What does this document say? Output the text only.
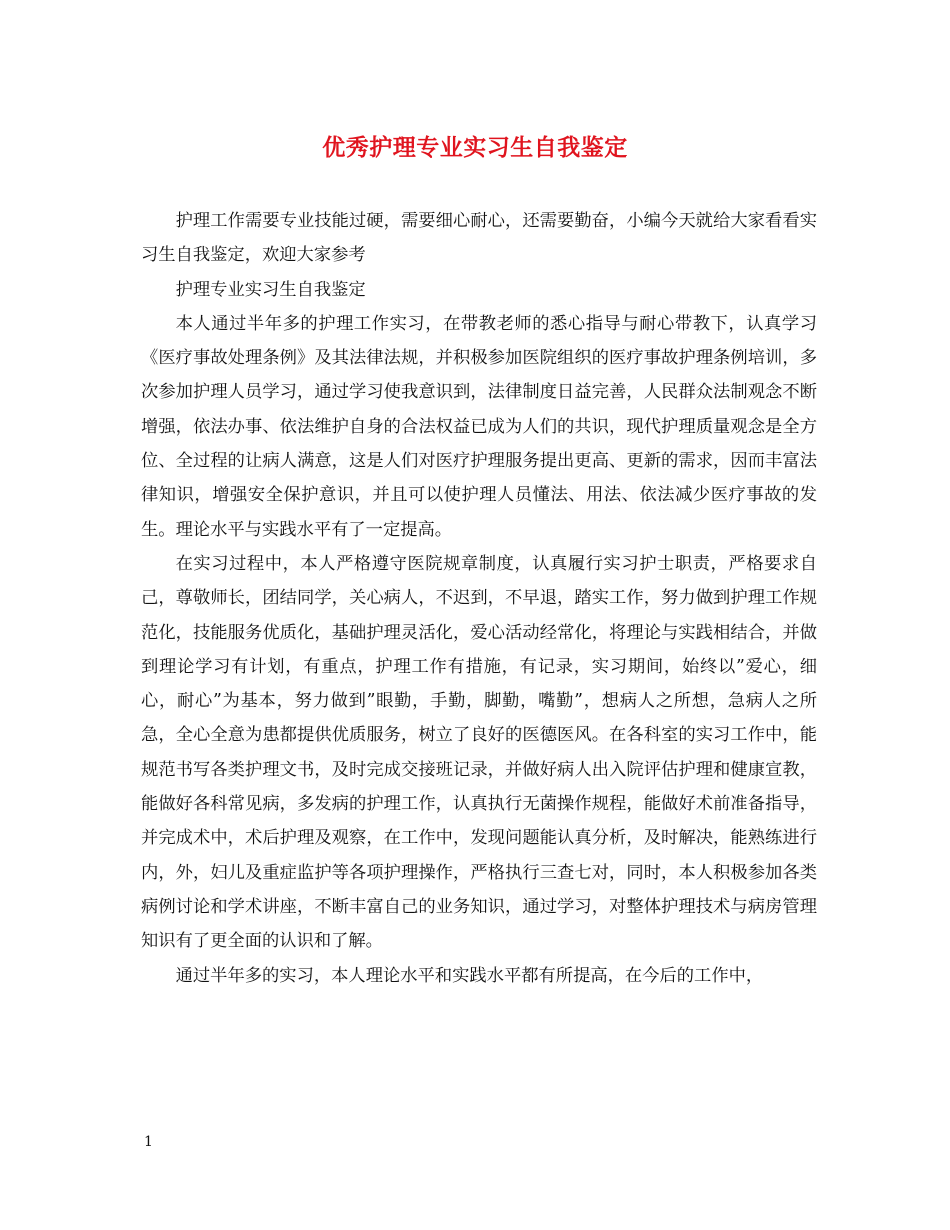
优秀护理专业实习生自我鉴定

护理工作需要专业技能过硬，需要细心耐心，还需要勤奋，小编今天就给大家看看实习生自我鉴定，欢迎大家参考

护理专业实习生自我鉴定

本人通过半年多的护理工作实习，在带教老师的悉心指导与耐心带教下，认真学习《医疗事故处理条例》及其法律法规，并积极参加医院组织的医疗事故护理条例培训，多次参加护理人员学习，通过学习使我意识到，法律制度日益完善，人民群众法制观念不断增强，依法办事、依法维护自身的合法权益已成为人们的共识，现代护理质量观念是全方位、全过程的让病人满意，这是人们对医疗护理服务提出更高、更新的需求，因而丰富法律知识，增强安全保护意识，并且可以使护理人员懂法、用法、依法减少医疗事故的发生。理论水平与实践水平有了一定提高。

在实习过程中，本人严格遵守医院规章制度，认真履行实习护士职责，严格要求自己，尊敬师长，团结同学，关心病人，不迟到，不早退，踏实工作，努力做到护理工作规范化，技能服务优质化，基础护理灵活化，爱心活动经常化，将理论与实践相结合，并做到理论学习有计划，有重点，护理工作有措施，有记录，实习期间，始终以”爱心，细心，耐心”为基本，努力做到”眼勤，手勤，脚勤，嘴勤”，想病人之所想，急病人之所急，全心全意为患都提供优质服务，树立了良好的医德医风。在各科室的实习工作中，能规范书写各类护理文书，及时完成交接班记录，并做好病人出入院评估护理和健康宣教，能做好各科常见病，多发病的护理工作，认真执行无菌操作规程，能做好术前准备指导，并完成术中，术后护理及观察，在工作中，发现问题能认真分析，及时解决，能熟练进行内，外，妇儿及重症监护等各项护理操作，严格执行三查七对，同时，本人积极参加各类病例讨论和学术讲座，不断丰富自己的业务知识，通过学习，对整体护理技术与病房管理知识有了更全面的认识和了解。

通过半年多的实习，本人理论水平和实践水平都有所提高，在今后的工作中，

1
